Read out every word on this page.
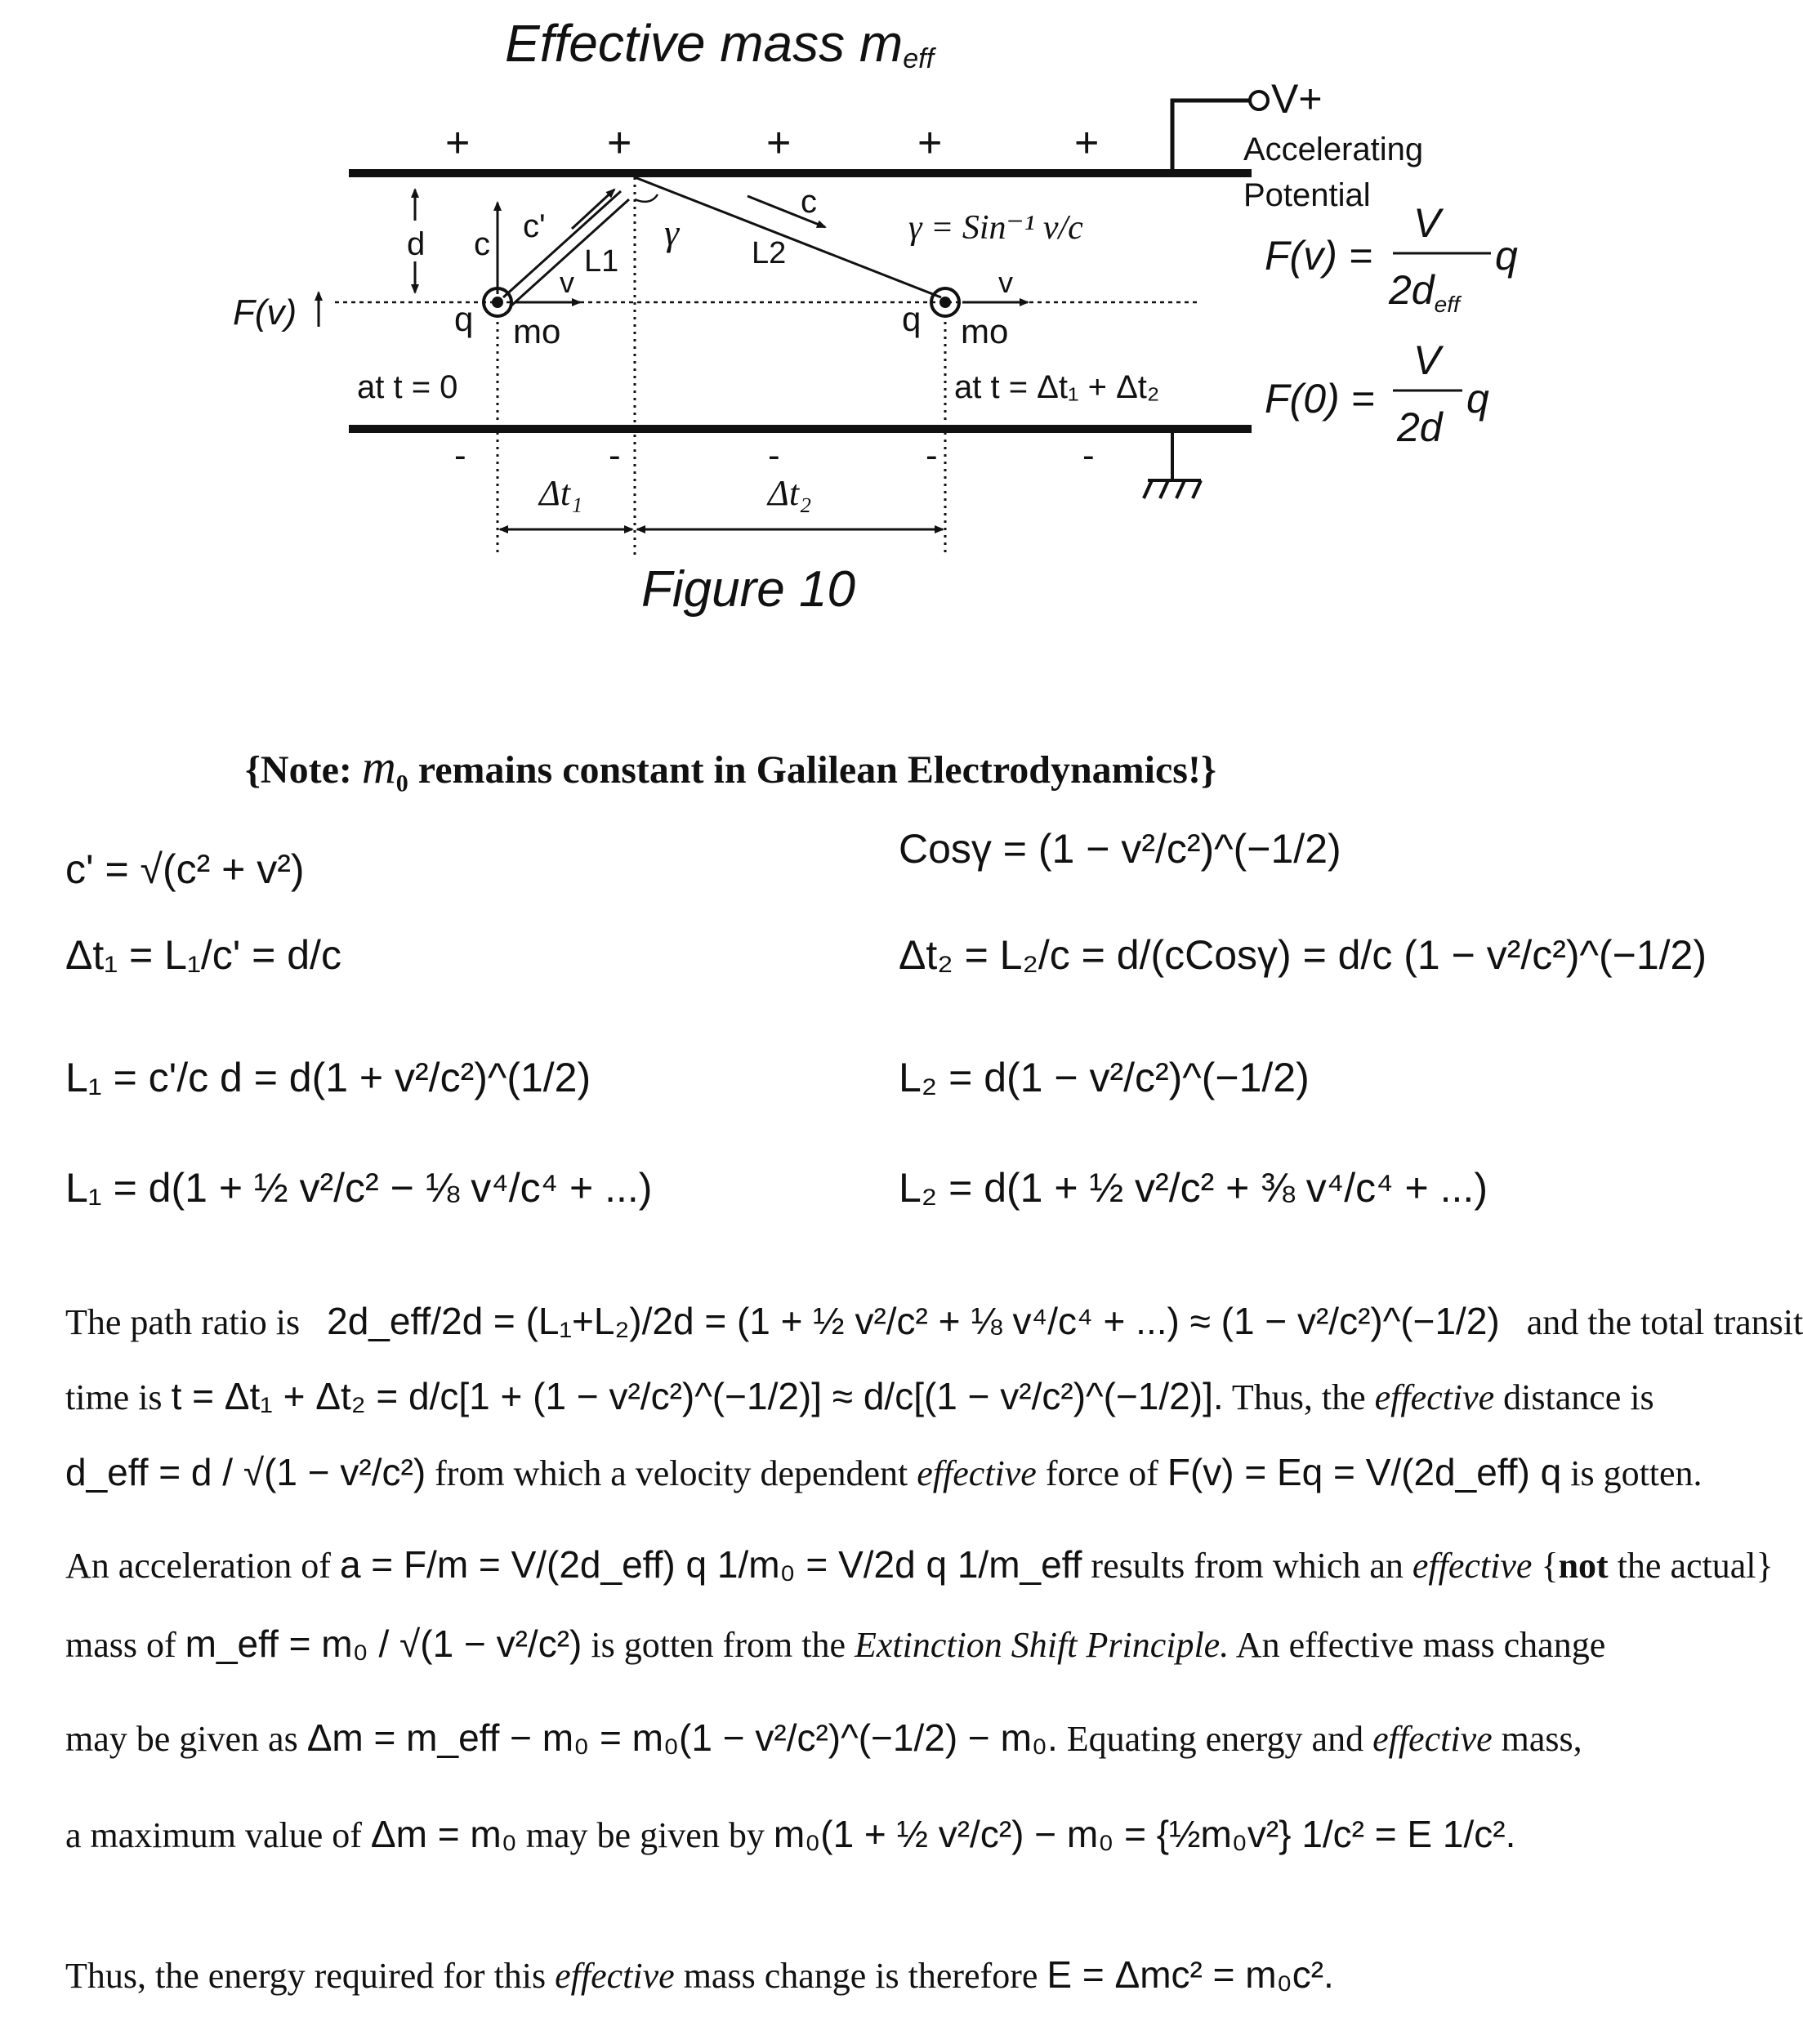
Effective mass meff
V+
Accelerating
Potential
+	+	+	+	+
-	-	-	-	-
d
F(v)
c c'
L1
c
L2
γ	γ = Sin⁻¹ v/c
v	v
q mo	q mo
at t = 0	at t = Δt₁ + Δt₂
Δt₁	Δt₂
Figure 10
F(v) =
V
$2d_{eff}$
q
F(0) =
V
2d
q
{Note: $m_0$ remains constant in Galilean Electrodynamics!}
c' = √(c² + v²)
Δt₁ = L₁/c' = d/c
L₁ = c'/c d = d(1 + v²/c²)^(1/2)
L₁ = d(1 + ½ v²/c² − ⅛ v⁴/c⁴ + ...)
Cosγ = (1 − v²/c²)^(−1/2)
Δt₂ = L₂/c = d/(cCosγ) = d/c (1 − v²/c²)^(−1/2)
L₂ = d(1 − v²/c²)^(−1/2)
L₂ = d(1 + ½ v²/c² + ⅜ v⁴/c⁴ + ...)
The path ratio is 2d_eff/2d = (L₁+L₂)/2d = (1 + ½ v²/c² + ⅛ v⁴/c⁴ + ...) ≈ (1 − v²/c²)^(−1/2) and the total transit
time is t = Δt₁ + Δt₂ = d/c[1 + (1 − v²/c²)^(−1/2)] ≈ d/c[(1 − v²/c²)^(−1/2)]. Thus, the effective distance is
d_eff = d / √(1 − v²/c²) from which a velocity dependent effective force of F(v) = Eq = V/(2d_eff) q is gotten.
An acceleration of a = F/m = V/(2d_eff) q 1/m₀ = V/2d q 1/m_eff results from which an effective {not the actual}
mass of m_eff = m₀ / √(1 − v²/c²) is gotten from the Extinction Shift Principle. An effective mass change
may be given as Δm = m_eff − m₀ = m₀(1 − v²/c²)^(−1/2) − m₀. Equating energy and effective mass,
a maximum value of Δm = m₀ may be given by m₀(1 + ½ v²/c²) − m₀ = {½m₀v²} 1/c² = E 1/c².
Thus, the energy required for this effective mass change is therefore E = Δmc² = m₀c².
